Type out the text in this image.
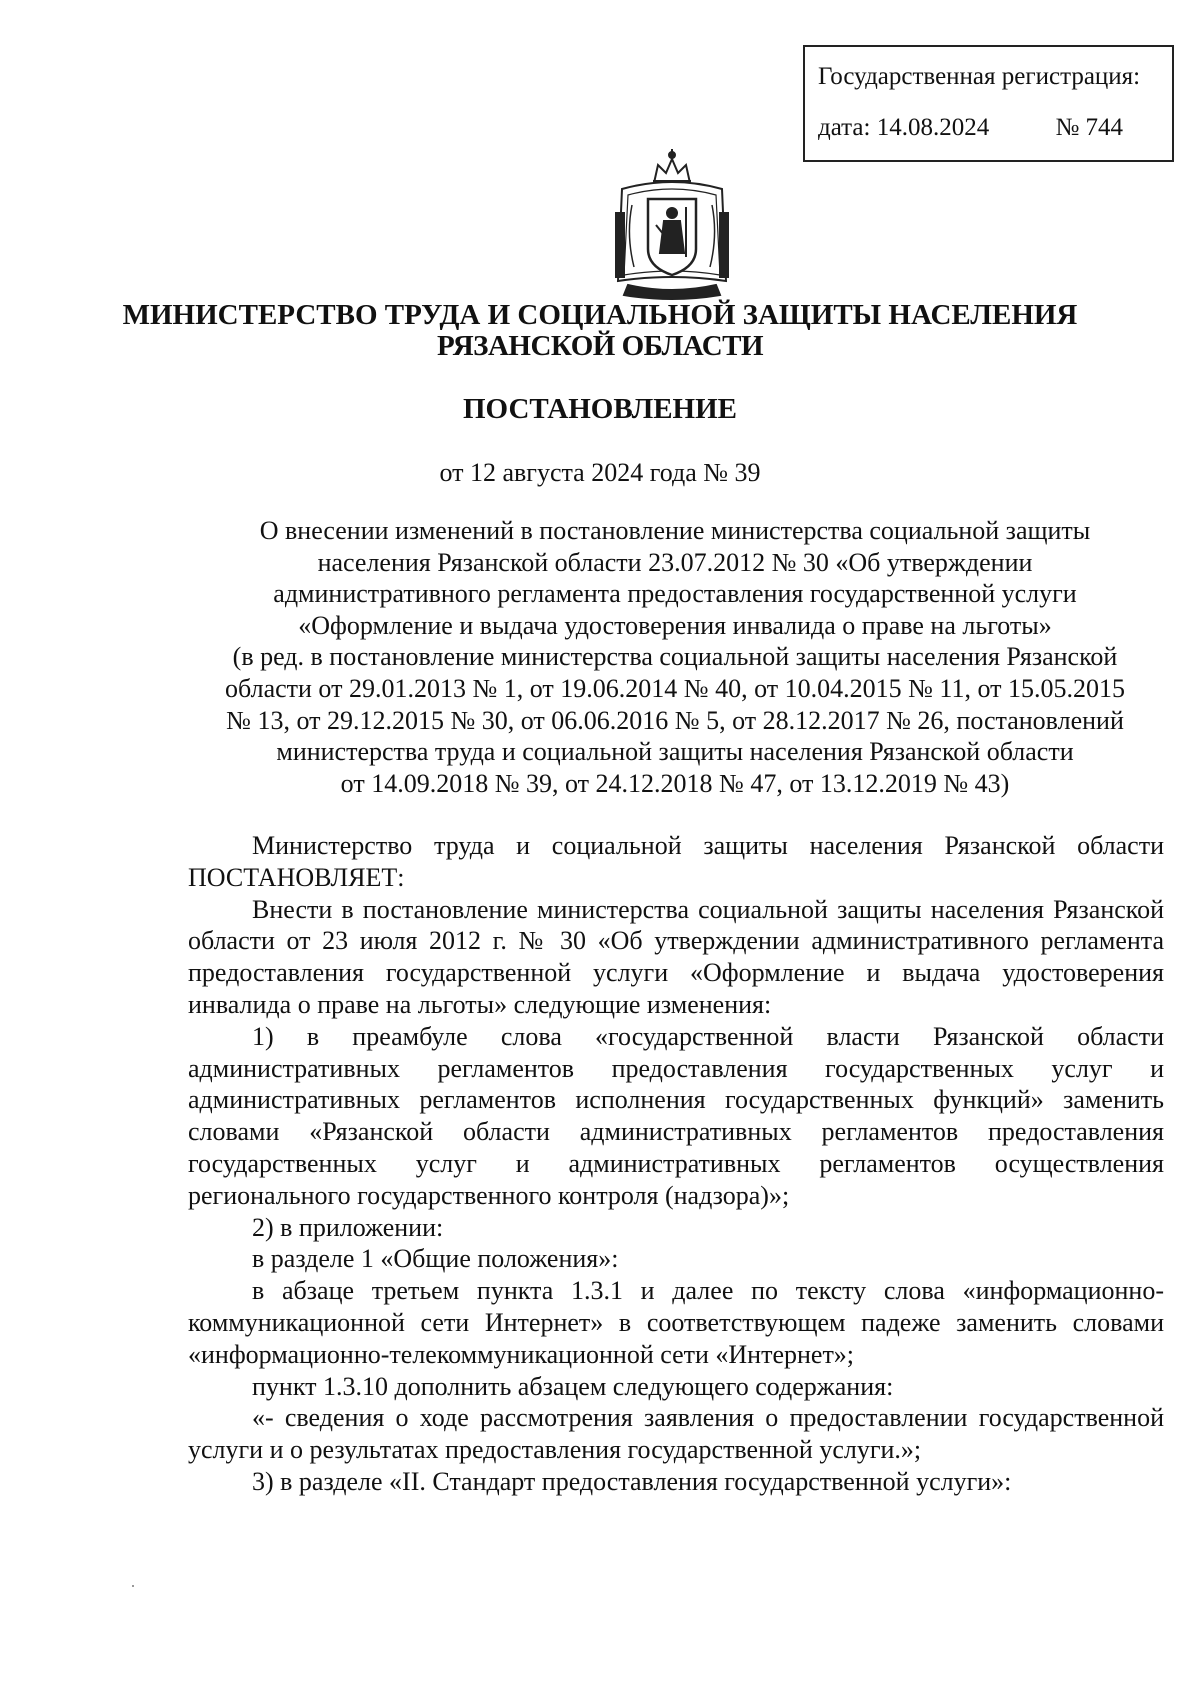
Государственная регистрация:
дата: 14.08.2024	№ 744
МИНИСТЕРСТВО ТРУДА И СОЦИАЛЬНОЙ ЗАЩИТЫ НАСЕЛЕНИЯ
РЯЗАНСКОЙ ОБЛАСТИ
ПОСТАНОВЛЕНИЕ
от 12 августа 2024 года № 39
О внесении изменений в постановление министерства социальной защиты
населения Рязанской области 23.07.2012 № 30 «Об утверждении
административного регламента предоставления государственной услуги
«Оформление и выдача удостоверения инвалида о праве на льготы»
(в ред. в постановление министерства социальной защиты населения Рязанской
области от 29.01.2013 № 1, от 19.06.2014 № 40, от 10.04.2015 № 11, от 15.05.2015
№ 13, от 29.12.2015 № 30, от 06.06.2016 № 5, от 28.12.2017 № 26, постановлений
министерства труда и социальной защиты населения Рязанской области
от 14.09.2018 № 39, от 24.12.2018 № 47, от 13.12.2019 № 43)

Министерство труда и социальной защиты населения Рязанской области ПОСТАНОВЛЯЕТ:

Внести в постановление министерства социальной защиты населения Рязанской области от 23 июля 2012 г. № 30 «Об утверждении административного регламента предоставления государственной услуги «Оформление и выдача удостоверения инвалида о праве на льготы» следующие изменения:

1) в преамбуле слова «государственной власти Рязанской области административных регламентов предоставления государственных услуг и административных регламентов исполнения государственных функций» заменить словами «Рязанской области административных регламентов предоставления государственных услуг и административных регламентов осуществления регионального государственного контроля (надзора)»;

2) в приложении:

в разделе 1 «Общие положения»:

в абзаце третьем пункта 1.3.1 и далее по тексту слова «информационно-коммуникационной сети Интернет» в соответствующем падеже заменить словами «информационно-телекоммуникационной сети «Интернет»;

пункт 1.3.10 дополнить абзацем следующего содержания:

«- сведения о ходе рассмотрения заявления о предоставлении государственной услуги и о результатах предоставления государственной услуги.»;

3) в разделе «II. Стандарт предоставления государственной услуги»:
